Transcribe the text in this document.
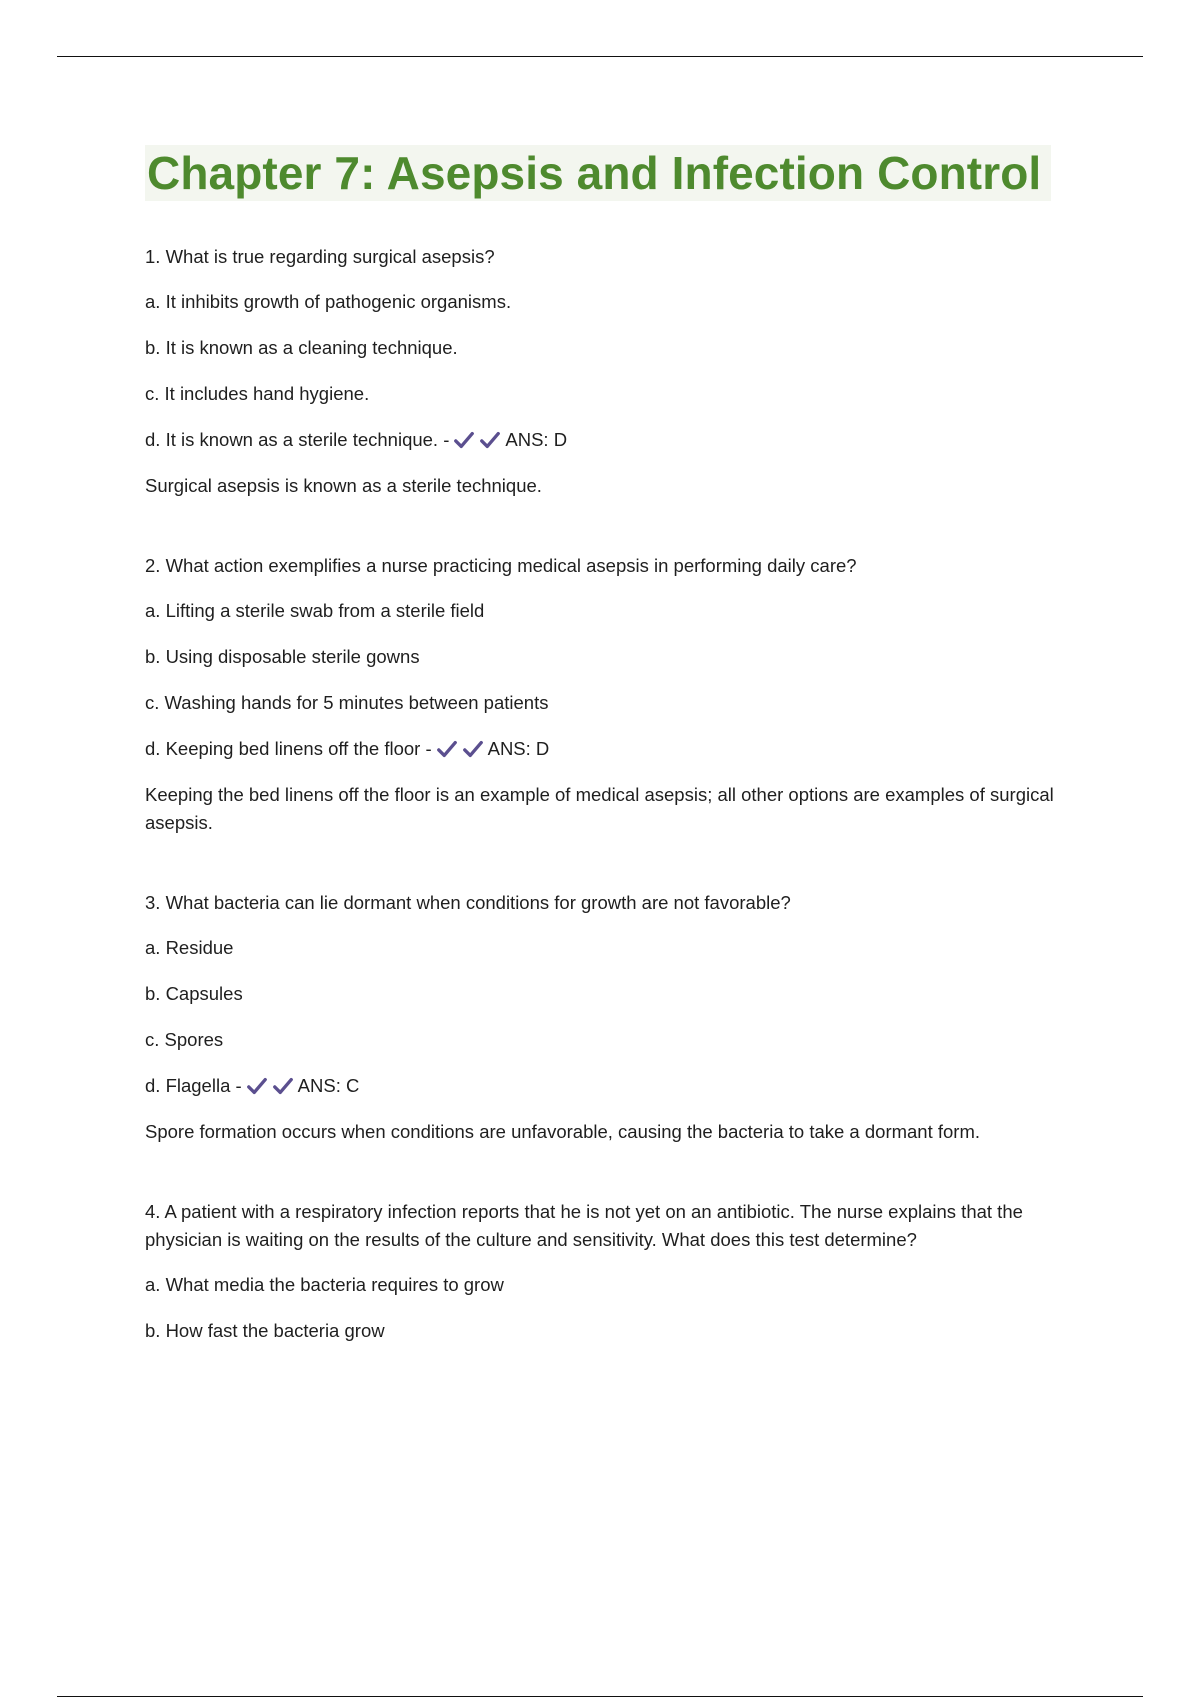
Chapter 7: Asepsis and Infection Control
1. What is true regarding surgical asepsis?
a. It inhibits growth of pathogenic organisms.
b. It is known as a cleaning technique.
c. It includes hand hygiene.
d. It is known as a sterile technique. -	ANS: D
Surgical asepsis is known as a sterile technique.
2. What action exemplifies a nurse practicing medical asepsis in performing daily care?
a. Lifting a sterile swab from a sterile field
b. Using disposable sterile gowns
c. Washing hands for 5 minutes between patients
d. Keeping bed linens off the floor -	ANS: D
Keeping the bed linens off the floor is an example of medical asepsis; all other options are examples of surgical asepsis.
3. What bacteria can lie dormant when conditions for growth are not favorable?
a. Residue
b. Capsules
c. Spores
d. Flagella -	ANS: C
Spore formation occurs when conditions are unfavorable, causing the bacteria to take a dormant form.
4. A patient with a respiratory infection reports that he is not yet on an antibiotic. The nurse explains that the physician is waiting on the results of the culture and sensitivity. What does this test determine?
a. What media the bacteria requires to grow
b. How fast the bacteria grow
